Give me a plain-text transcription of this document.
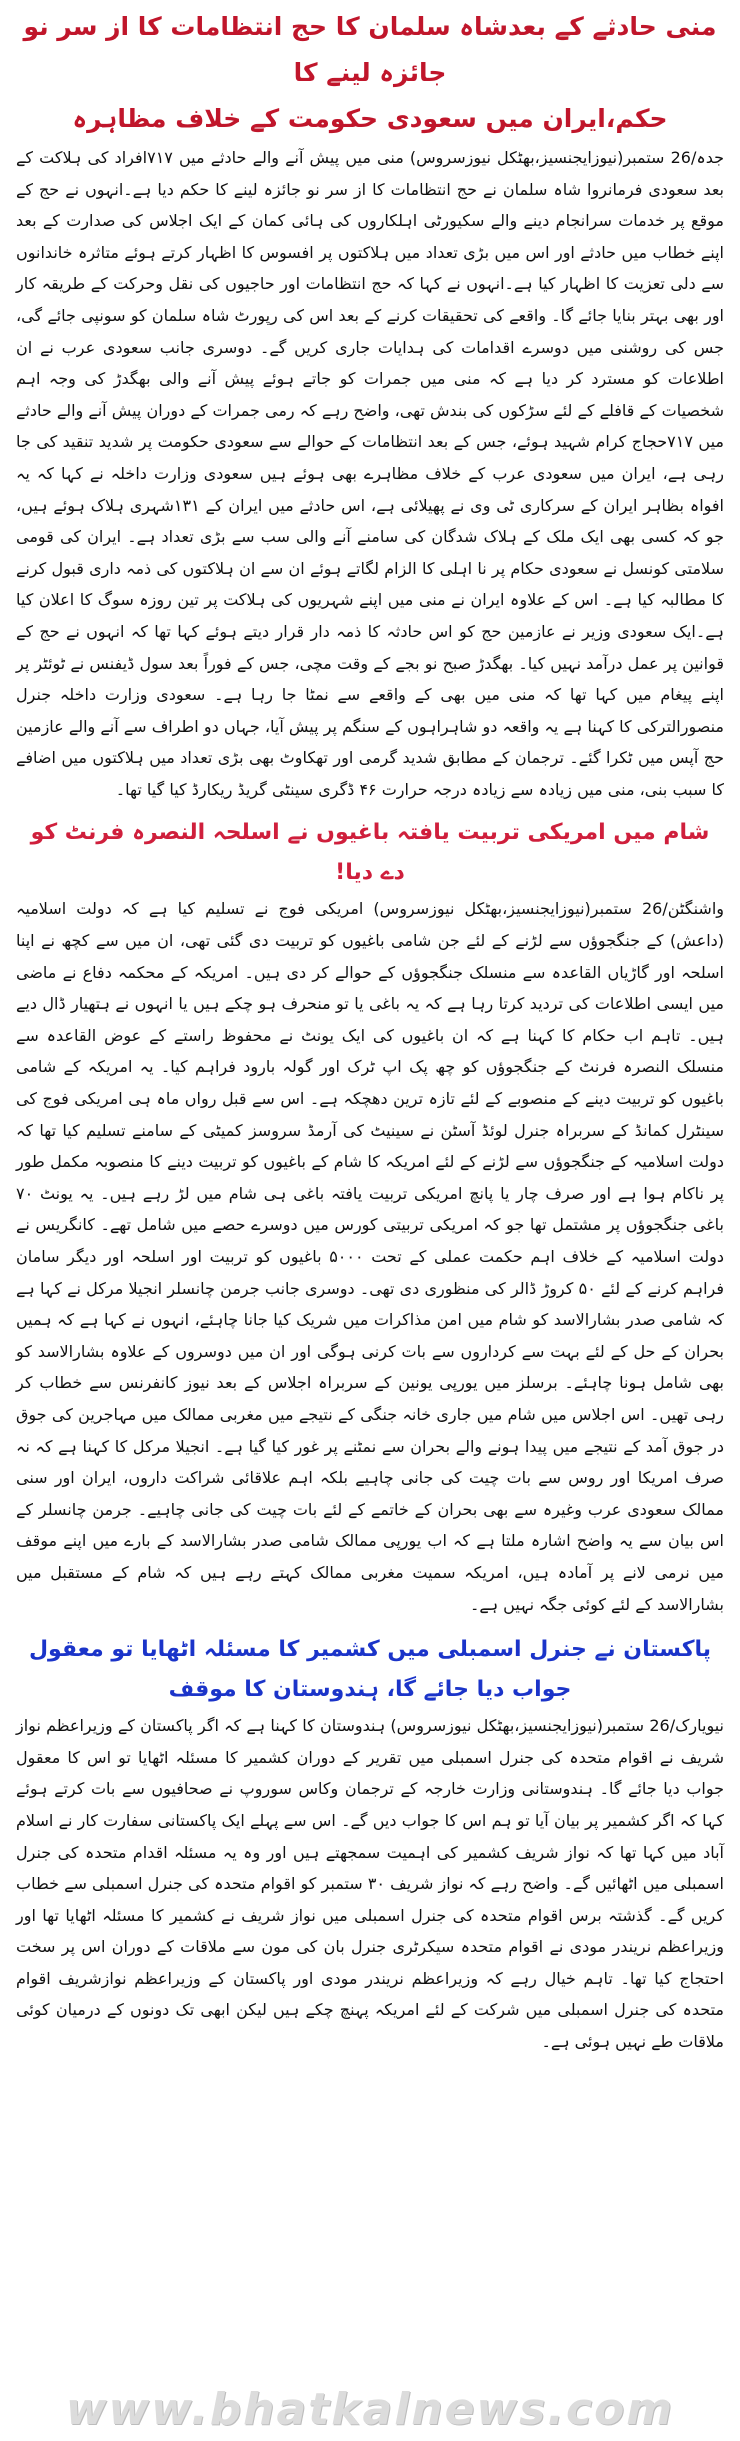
منی حادثے کے بعدشاہ سلمان کا حج انتظامات کا از سر نو جائزہ لینے کا
حکم،ایران میں سعودی حکومت کے خلاف مظاہرہ

جدہ/26 ستمبر(نیوزایجنسیز،بھٹکل نیوزسروس) منی میں پیش آنے والے حادثے میں ۷۱۷افراد کی ہلاکت کے بعد سعودی فرمانروا شاہ سلمان نے حج انتظامات کا از سر نو جائزہ لینے کا حکم دیا ہے۔انہوں نے حج کے موقع پر خدمات سرانجام دینے والے سکیورٹی اہلکاروں کی ہائی کمان کے ایک اجلاس کی صدارت کے بعد اپنے خطاب میں حادثے اور اس میں بڑی تعداد میں ہلاکتوں پر افسوس کا اظہار کرتے ہوئے متاثرہ خاندانوں سے دلی تعزیت کا اظہار کیا ہے۔انہوں نے کہا کہ حج انتظامات اور حاجیوں کی نقل وحرکت کے طریقہ کار اور بھی بہتر بنایا جائے گا۔ واقعے کی تحقیقات کرنے کے بعد اس کی رپورٹ شاہ سلمان کو سونپی جائے گی، جس کی روشنی میں دوسرے اقدامات کی ہدایات جاری کریں گے۔ دوسری جانب سعودی عرب نے ان اطلاعات کو مسترد کر دیا ہے کہ منی میں جمرات کو جاتے ہوئے پیش آنے والی بھگدڑ کی وجہ اہم شخصیات کے قافلے کے لئے سڑکوں کی بندش تھی، واضح رہے کہ رمی جمرات کے دوران پیش آنے والے حادثے میں ۷۱۷حجاج کرام شہید ہوئے، جس کے بعد انتظامات کے حوالے سے سعودی حکومت پر شدید تنقید کی جا رہی ہے، ایران میں سعودی عرب کے خلاف مظاہرے بھی ہوئے ہیں سعودی وزارت داخلہ نے کہا کہ یہ افواہ بظاہر ایران کے سرکاری ٹی وی نے پھیلائی ہے، اس حادثے میں ایران کے ۱۳۱شہری ہلاک ہوئے ہیں، جو کہ کسی بھی ایک ملک کے ہلاک شدگان کی سامنے آنے والی سب سے بڑی تعداد ہے۔ ایران کی قومی سلامتی کونسل نے سعودی حکام پر نا اہلی کا الزام لگاتے ہوئے ان سے ان ہلاکتوں کی ذمہ داری قبول کرنے کا مطالبہ کیا ہے۔ اس کے علاوہ ایران نے منی میں اپنے شہریوں کی ہلاکت پر تین روزہ سوگ کا اعلان کیا ہے۔ایک سعودی وزیر نے عازمین حج کو اس حادثہ کا ذمہ دار قرار دیتے ہوئے کہا تھا کہ انہوں نے حج کے قوانین پر عمل درآمد نہیں کیا۔ بھگدڑ صبح نو بجے کے وقت مچی، جس کے فوراً بعد سول ڈیفنس نے ٹوئٹر پر اپنے پیغام میں کہا تھا کہ منی میں بھی کے واقعے سے نمٹا جا رہا ہے۔ سعودی وزارت داخلہ جنرل منصورالترکی کا کہنا ہے یہ واقعہ دو شاہراہوں کے سنگم پر پیش آیا، جہاں دو اطراف سے آنے والے عازمین حج آپس میں ٹکرا گئے۔ ترجمان کے مطابق شدید گرمی اور تھکاوٹ بھی بڑی تعداد میں ہلاکتوں میں اضافے کا سبب بنی، منی میں زیادہ سے زیادہ درجہ حرارت ۴۶ ڈگری سینٹی گریڈ ریکارڈ کیا گیا تھا۔

شام میں امریکی تربیت یافتہ باغیوں نے اسلحہ النصرہ فرنٹ کو دے دیا!

واشنگٹن/26 ستمبر(نیوزایجنسیز،بھٹکل نیوزسروس) امریکی فوج نے تسلیم کیا ہے کہ دولت اسلامیہ (داعش) کے جنگجوؤں سے لڑنے کے لئے جن شامی باغیوں کو تربیت دی گئی تھی، ان میں سے کچھ نے اپنا اسلحہ اور گاڑیاں القاعدہ سے منسلک جنگجوؤں کے حوالے کر دی ہیں۔ امریکہ کے محکمہ دفاع نے ماضی میں ایسی اطلاعات کی تردید کرتا رہا ہے کہ یہ باغی یا تو منحرف ہو چکے ہیں یا انہوں نے ہتھیار ڈال دیے ہیں۔ تاہم اب حکام کا کہنا ہے کہ ان باغیوں کی ایک یونٹ نے محفوظ راستے کے عوض القاعدہ سے منسلک النصرہ فرنٹ کے جنگجوؤں کو چھ پک اپ ٹرک اور گولہ بارود فراہم کیا۔ یہ امریکہ کے شامی باغیوں کو تربیت دینے کے منصوبے کے لئے تازہ ترین دھچکہ ہے۔ اس سے قبل رواں ماہ ہی امریکی فوج کی سینٹرل کمانڈ کے سربراہ جنرل لوئڈ آسٹن نے سینیٹ کی آرمڈ سروسز کمیٹی کے سامنے تسلیم کیا تھا کہ دولت اسلامیہ کے جنگجوؤں سے لڑنے کے لئے امریکہ کا شام کے باغیوں کو تربیت دینے کا منصوبہ مکمل طور پر ناکام ہوا ہے اور صرف چار یا پانچ امریکی تربیت یافتہ باغی ہی شام میں لڑ رہے ہیں۔ یہ یونٹ ۷۰ باغی جنگجوؤں پر مشتمل تھا جو کہ امریکی تربیتی کورس میں دوسرے حصے میں شامل تھے۔ کانگریس نے دولت اسلامیہ کے خلاف اہم حکمت عملی کے تحت ۵۰۰۰ باغیوں کو تربیت اور اسلحہ اور دیگر سامان فراہم کرنے کے لئے ۵۰ کروڑ ڈالر کی منظوری دی تھی۔ دوسری جانب جرمن چانسلر انجیلا مرکل نے کہا ہے کہ شامی صدر بشارالاسد کو شام میں امن مذاکرات میں شریک کیا جانا چاہئے، انہوں نے کہا ہے کہ ہمیں بحران کے حل کے لئے بہت سے کرداروں سے بات کرنی ہوگی اور ان میں دوسروں کے علاوہ بشارالاسد کو بھی شامل ہونا چاہئے۔ برسلز میں یورپی یونین کے سربراہ اجلاس کے بعد نیوز کانفرنس سے خطاب کر رہی تھیں۔ اس اجلاس میں شام میں جاری خانہ جنگی کے نتیجے میں مغربی ممالک میں مہاجرین کی جوق در جوق آمد کے نتیجے میں پیدا ہونے والے بحران سے نمٹنے پر غور کیا گیا ہے۔ انجیلا مرکل کا کہنا ہے کہ نہ صرف امریکا اور روس سے بات چیت کی جانی چاہیے بلکہ اہم علاقائی شراکت داروں، ایران اور سنی ممالک سعودی عرب وغیرہ سے بھی بحران کے خاتمے کے لئے بات چیت کی جانی چاہیے۔ جرمن چانسلر کے اس بیان سے یہ واضح اشارہ ملتا ہے کہ اب یورپی ممالک شامی صدر بشارالاسد کے بارے میں اپنے موقف میں نرمی لانے پر آمادہ ہیں، امریکہ سمیت مغربی ممالک کہتے رہے ہیں کہ شام کے مستقبل میں بشارالاسد کے لئے کوئی جگہ نہیں ہے۔

پاکستان نے جنرل اسمبلی میں کشمیر کا مسئلہ اٹھایا تو معقول جواب دیا جائے گا، ہندوستان کا موقف

نیویارک/26 ستمبر(نیوزایجنسیز،بھٹکل نیوزسروس) ہندوستان کا کہنا ہے کہ اگر پاکستان کے وزیراعظم نواز شریف نے اقوام متحدہ کی جنرل اسمبلی میں تقریر کے دوران کشمیر کا مسئلہ اٹھایا تو اس کا معقول جواب دیا جائے گا۔ ہندوستانی وزارت خارجہ کے ترجمان وکاس سوروپ نے صحافیوں سے بات کرتے ہوئے کہا کہ اگر کشمیر پر بیان آیا تو ہم اس کا جواب دیں گے۔ اس سے پہلے ایک پاکستانی سفارت کار نے اسلام آباد میں کہا تھا کہ نواز شریف کشمیر کی اہمیت سمجھتے ہیں اور وہ یہ مسئلہ اقدام متحدہ کی جنرل اسمبلی میں اٹھائیں گے۔ واضح رہے کہ نواز شریف ۳۰ ستمبر کو اقوام متحدہ کی جنرل اسمبلی سے خطاب کریں گے۔ گذشتہ برس اقوام متحدہ کی جنرل اسمبلی میں نواز شریف نے کشمیر کا مسئلہ اٹھایا تھا اور وزیراعظم نریندر مودی نے اقوام متحدہ سیکرٹری جنرل بان کی مون سے ملاقات کے دوران اس پر سخت احتجاج کیا تھا۔ تاہم خیال رہے کہ وزیراعظم نریندر مودی اور پاکستان کے وزیراعظم نوازشریف اقوام متحدہ کی جنرل اسمبلی میں شرکت کے لئے امریکہ پہنچ چکے ہیں لیکن ابھی تک دونوں کے درمیان کوئی ملاقات طے نہیں ہوئی ہے۔

www.bhatkalnews.com
